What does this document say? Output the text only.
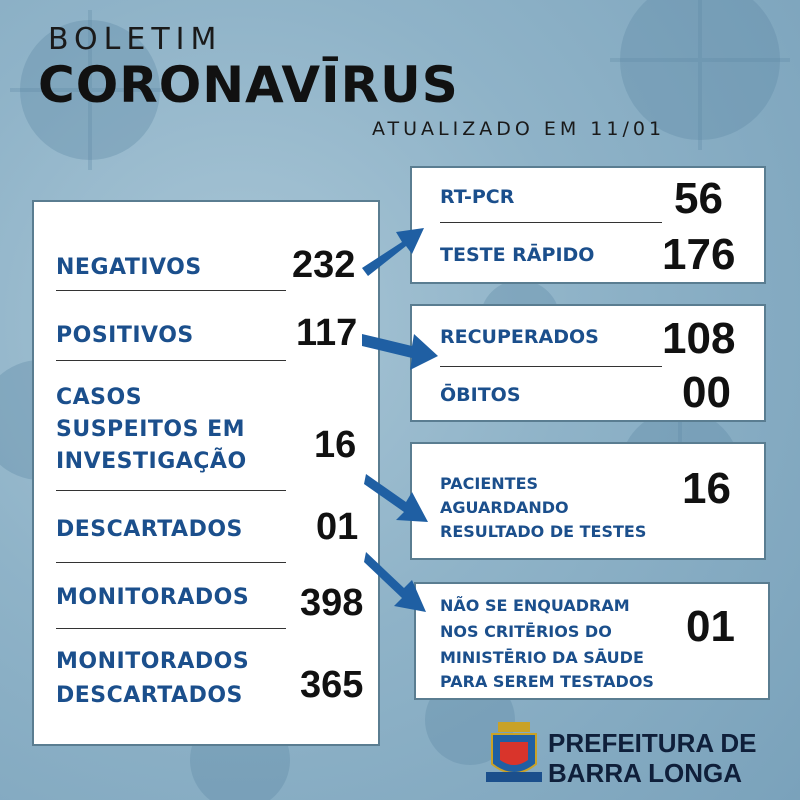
BOLETIM
CORONAVĪRUS
ATUALIZADO EM 11/01
NEGATIVOS 232
POSITIVOS	117
CASOS
SUSPEITOS EM
INVESTIGAÇÃO 16
DESCARTADOS 01
MONITORADOS 398
MONITORADOS
DESCARTADOS 365
RT-PCR	56
TESTE RĀPIDO 176
RECUPERADOS 108
ŌBITOS	00
PACIENTES
AGUARDANDO
RESULTADO DE TESTES
16
NÃO SE ENQUADRAM
NOS CRITĒRIOS DO
MINISTĒRIO DA SĀUDE
PARA SEREM TESTADOS
01
PREFEITURA DE
BARRA LONGA
